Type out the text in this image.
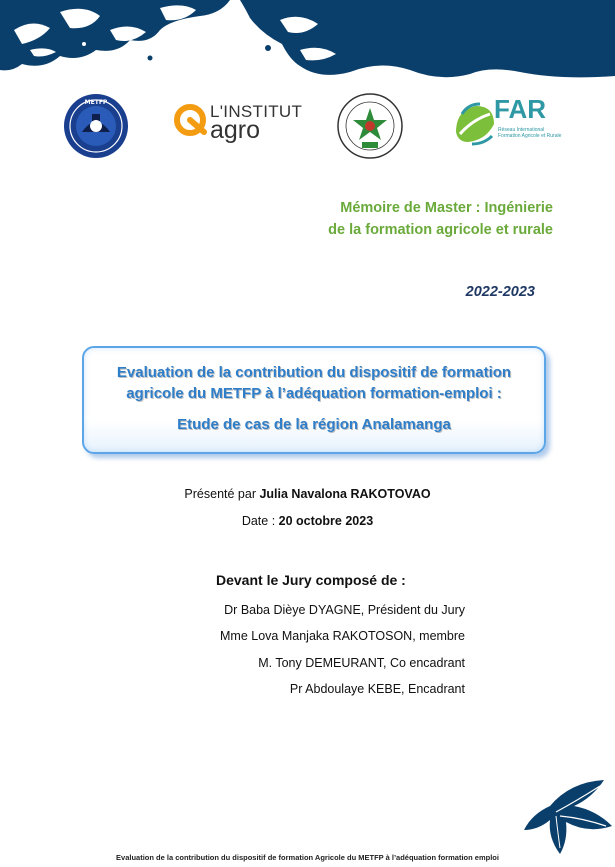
METFP	L'INSTITUT
agro
FAR
Réseau International
Formation Agricole et Rurale
Mémoire de Master : Ingénierie
de la formation agricole et rurale
2022-2023
Evaluation de la contribution du dispositif de formation
agricole du METFP à l’adéquation formation-emploi :
Etude de cas de la région Analamanga
Présenté par Julia Navalona RAKOTOVAO
Date : 20 octobre 2023
Devant le Jury composé de :
Dr Baba Dièye DYAGNE, Président du Jury
Mme Lova Manjaka RAKOTOSON, membre
M. Tony DEMEURANT, Co encadrant
Pr Abdoulaye KEBE, Encadrant
Evaluation de la contribution du dispositif de formation Agricole du METFP à l’adéquation formation emploi
